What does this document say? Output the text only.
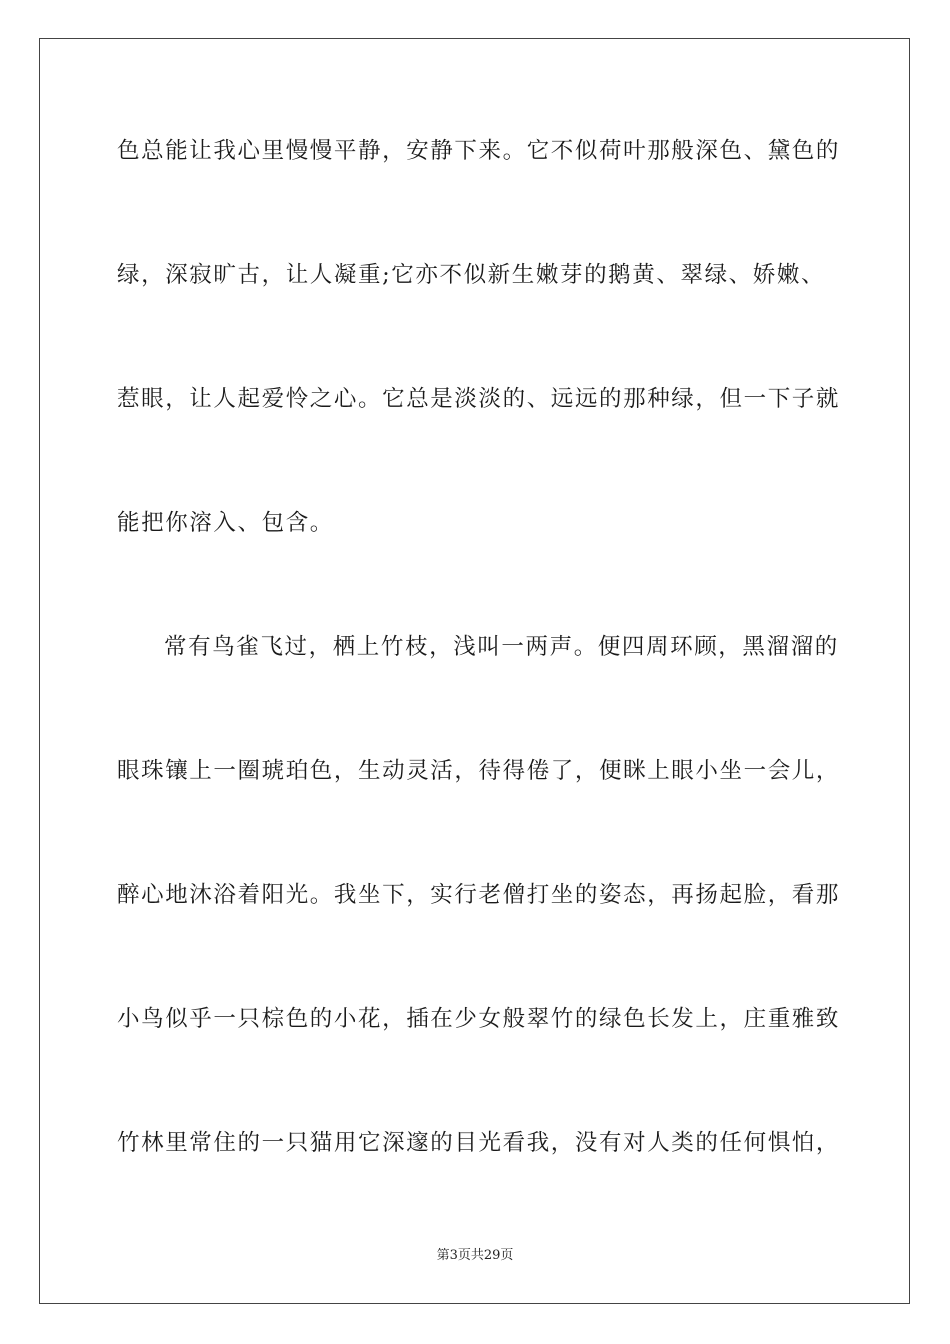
色总能让我心里慢慢平静，安静下来。它不似荷叶那般深色、黛色的
绿，深寂旷古，让人凝重;它亦不似新生嫩芽的鹅黄、翠绿、娇嫩、
惹眼，让人起爱怜之心。它总是淡淡的、远远的那种绿，但一下子就
能把你溶入、包含。
常有鸟雀飞过，栖上竹枝，浅叫一两声。便四周环顾，黑溜溜的
眼珠镶上一圈琥珀色，生动灵活，待得倦了，便眯上眼小坐一会儿，
醉心地沐浴着阳光。我坐下，实行老僧打坐的姿态，再扬起脸，看那
小鸟似乎一只棕色的小花，插在少女般翠竹的绿色长发上，庄重雅致
竹林里常住的一只猫用它深邃的目光看我，没有对人类的任何惧怕，
第3页共29页
